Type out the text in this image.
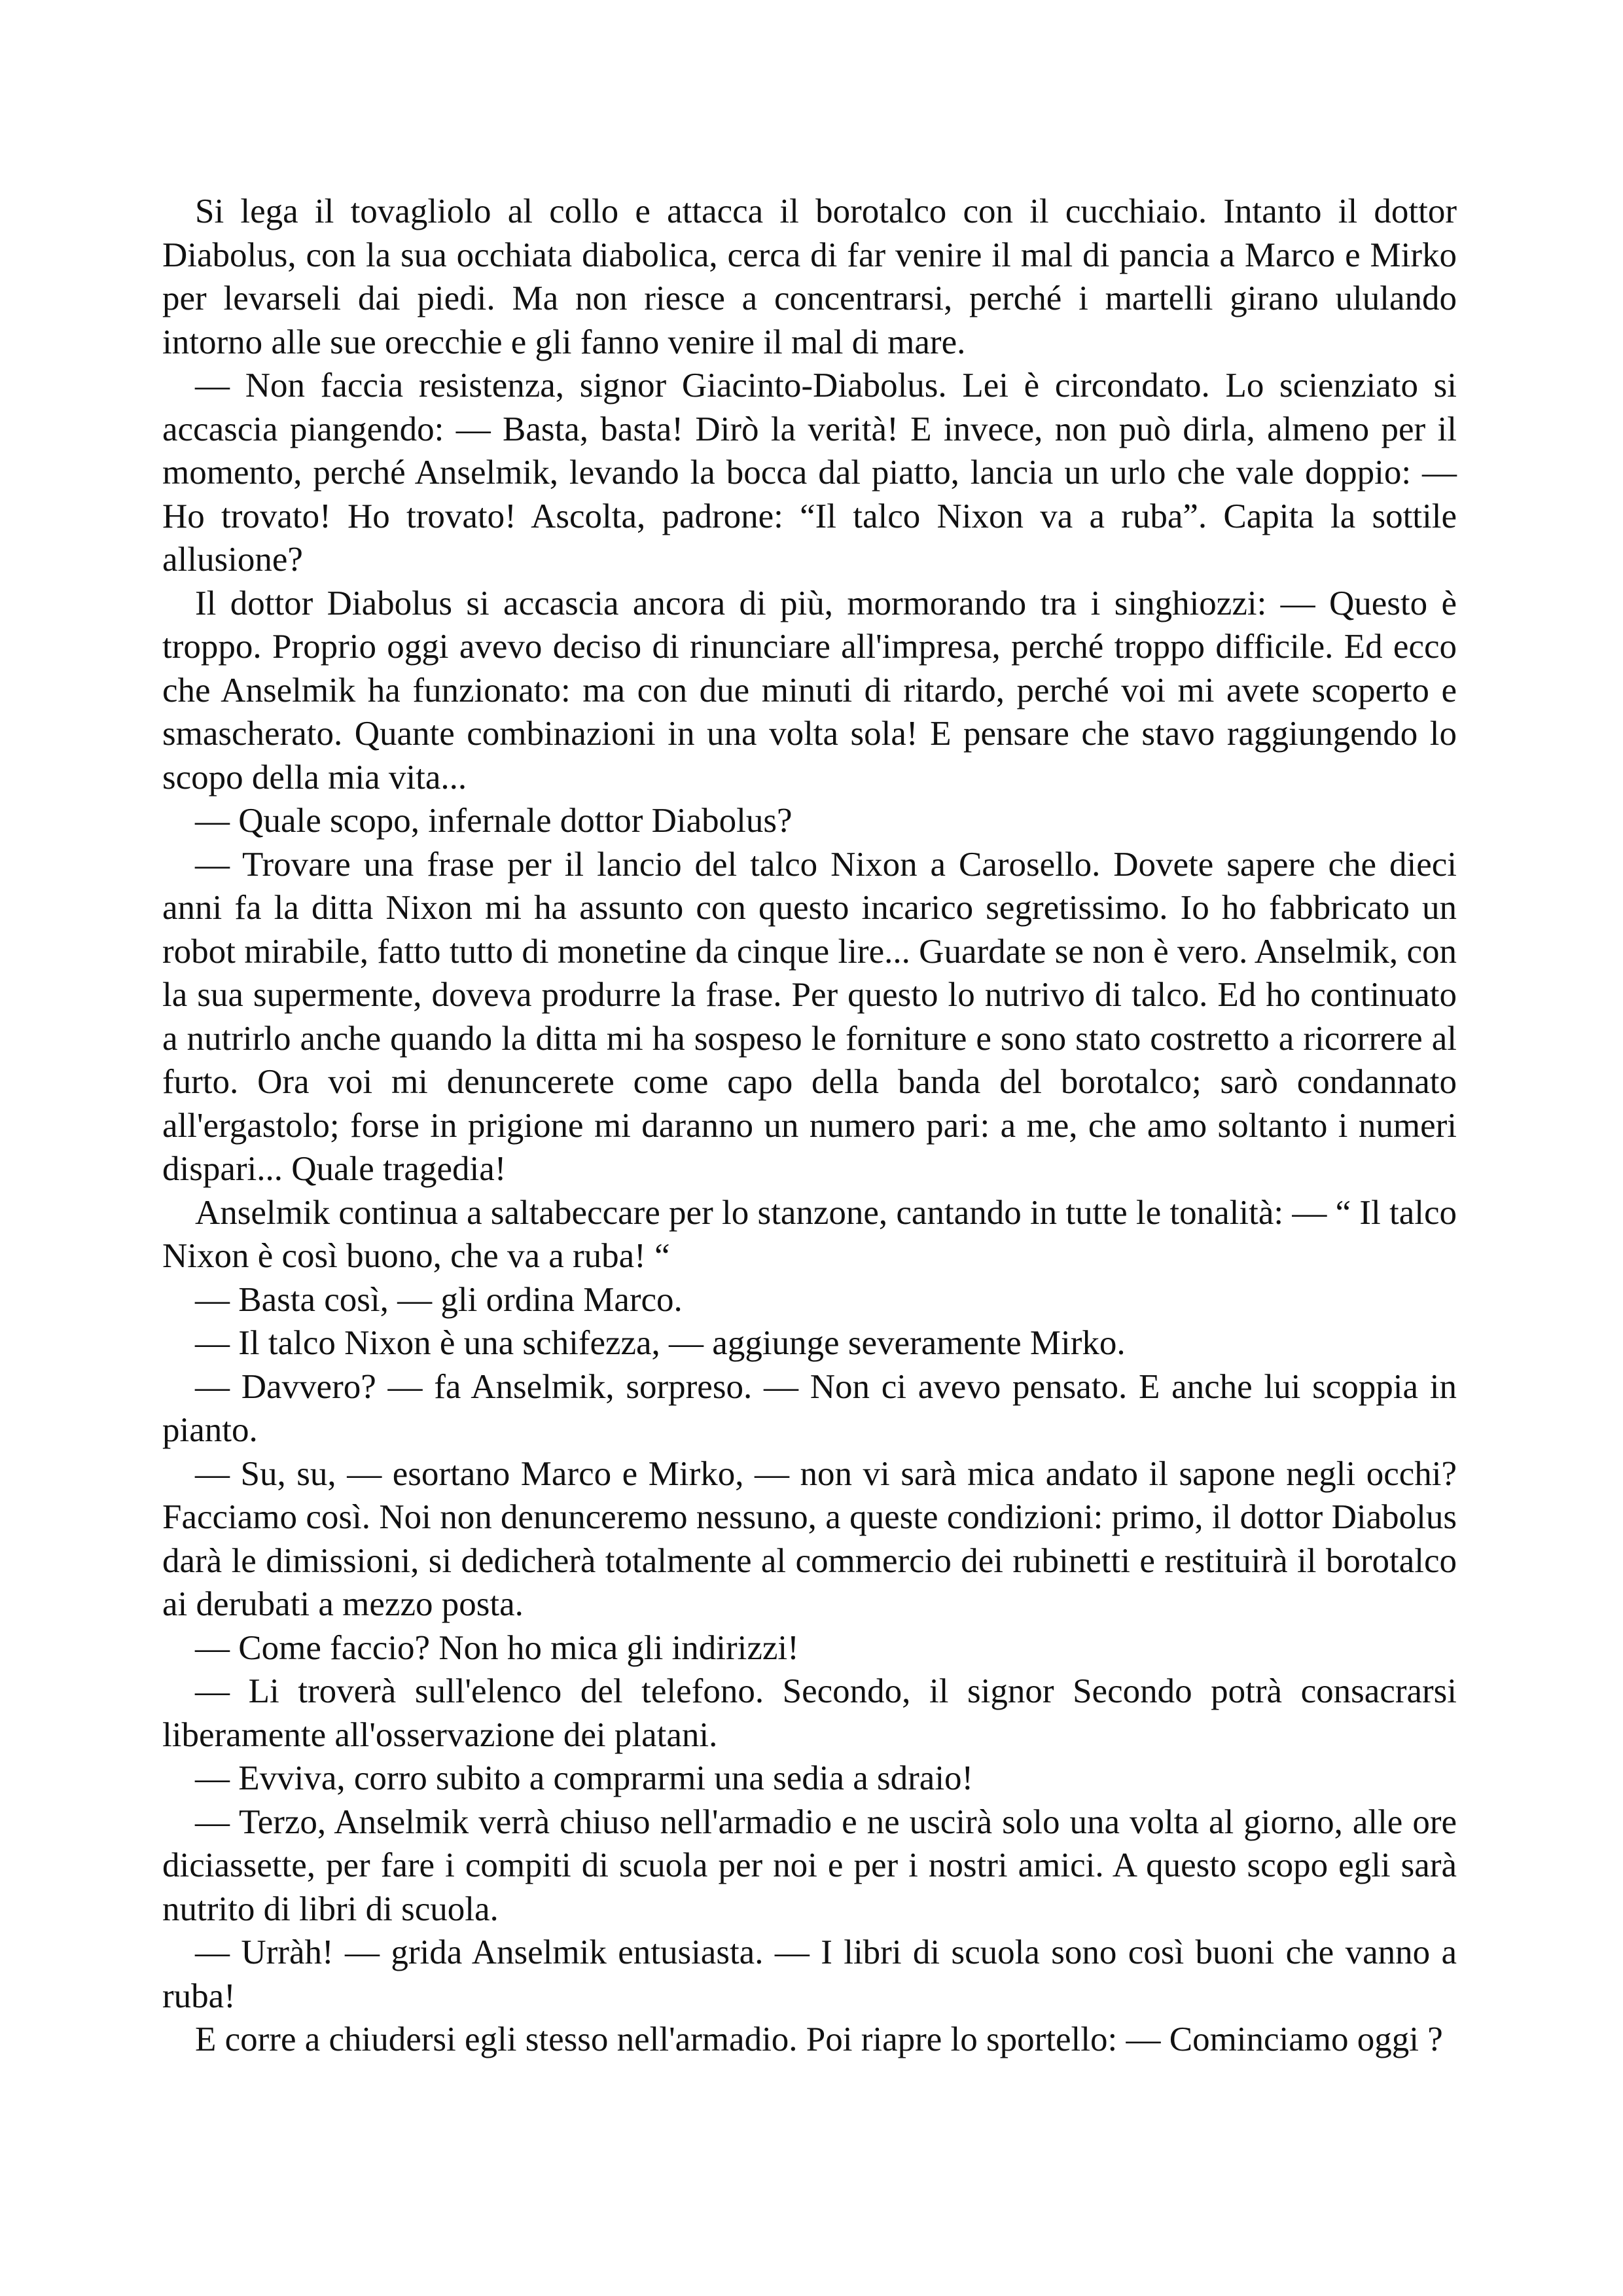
Si lega il tovagliolo al collo e attacca il borotalco con il cucchiaio. Intanto il dottor Diabolus, con la sua occhiata diabolica, cerca di far venire il mal di pancia a Marco e Mirko per levarseli dai piedi. Ma non riesce a concentrarsi, perché i martelli girano ululando intorno alle sue orecchie e gli fanno venire il mal di mare.

— Non faccia resistenza, signor Giacinto-Diabolus. Lei è circondato. Lo scienziato si accascia piangendo: — Basta, basta! Dirò la verità! E invece, non può dirla, almeno per il momento, perché Anselmik, levando la bocca dal piatto, lancia un urlo che vale doppio: — Ho trovato! Ho trovato! Ascolta, padrone: “Il talco Nixon va a ruba”. Capita la sottile allusione?

Il dottor Diabolus si accascia ancora di più, mormorando tra i singhiozzi: — Questo è troppo. Proprio oggi avevo deciso di rinunciare all'impresa, perché troppo difficile. Ed ecco che Anselmik ha funzionato: ma con due minuti di ritardo, perché voi mi avete scoperto e smascherato. Quante combinazioni in una volta sola! E pensare che stavo raggiungendo lo scopo della mia vita...

— Quale scopo, infernale dottor Diabolus?

— Trovare una frase per il lancio del talco Nixon a Carosello. Dovete sapere che dieci anni fa la ditta Nixon mi ha assunto con questo incarico segretissimo. Io ho fabbricato un robot mirabile, fatto tutto di monetine da cinque lire... Guardate se non è vero. Anselmik, con la sua supermente, doveva produrre la frase. Per questo lo nutrivo di talco. Ed ho continuato a nutrirlo anche quando la ditta mi ha sospeso le forniture e sono stato costretto a ricorrere al furto. Ora voi mi denuncerete come capo della banda del borotalco; sarò condannato all'ergastolo; forse in prigione mi daranno un numero pari: a me, che amo soltanto i numeri dispari... Quale tragedia!

Anselmik continua a saltabeccare per lo stanzone, cantando in tutte le tonalità: — “ Il talco Nixon è così buono, che va a ruba! “

— Basta così, — gli ordina Marco.

— Il talco Nixon è una schifezza, — aggiunge severamente Mirko.

— Davvero? — fa Anselmik, sorpreso. — Non ci avevo pensato. E anche lui scoppia in pianto.

— Su, su, — esortano Marco e Mirko, — non vi sarà mica andato il sapone negli occhi? Facciamo così. Noi non denunceremo nessuno, a queste condizioni: primo, il dottor Diabolus darà le dimissioni, si dedicherà totalmente al commercio dei rubinetti e restituirà il borotalco ai derubati a mezzo posta.

— Come faccio? Non ho mica gli indirizzi!

— Li troverà sull'elenco del telefono. Secondo, il signor Secondo potrà consacrarsi liberamente all'osservazione dei platani.

— Evviva, corro subito a comprarmi una sedia a sdraio!

— Terzo, Anselmik verrà chiuso nell'armadio e ne uscirà solo una volta al giorno, alle ore diciassette, per fare i compiti di scuola per noi e per i nostri amici. A questo scopo egli sarà nutrito di libri di scuola.

— Urràh! — grida Anselmik entusiasta. — I libri di scuola sono così buoni che vanno a ruba!

E corre a chiudersi egli stesso nell'armadio. Poi riapre lo sportello: — Cominciamo oggi ?
